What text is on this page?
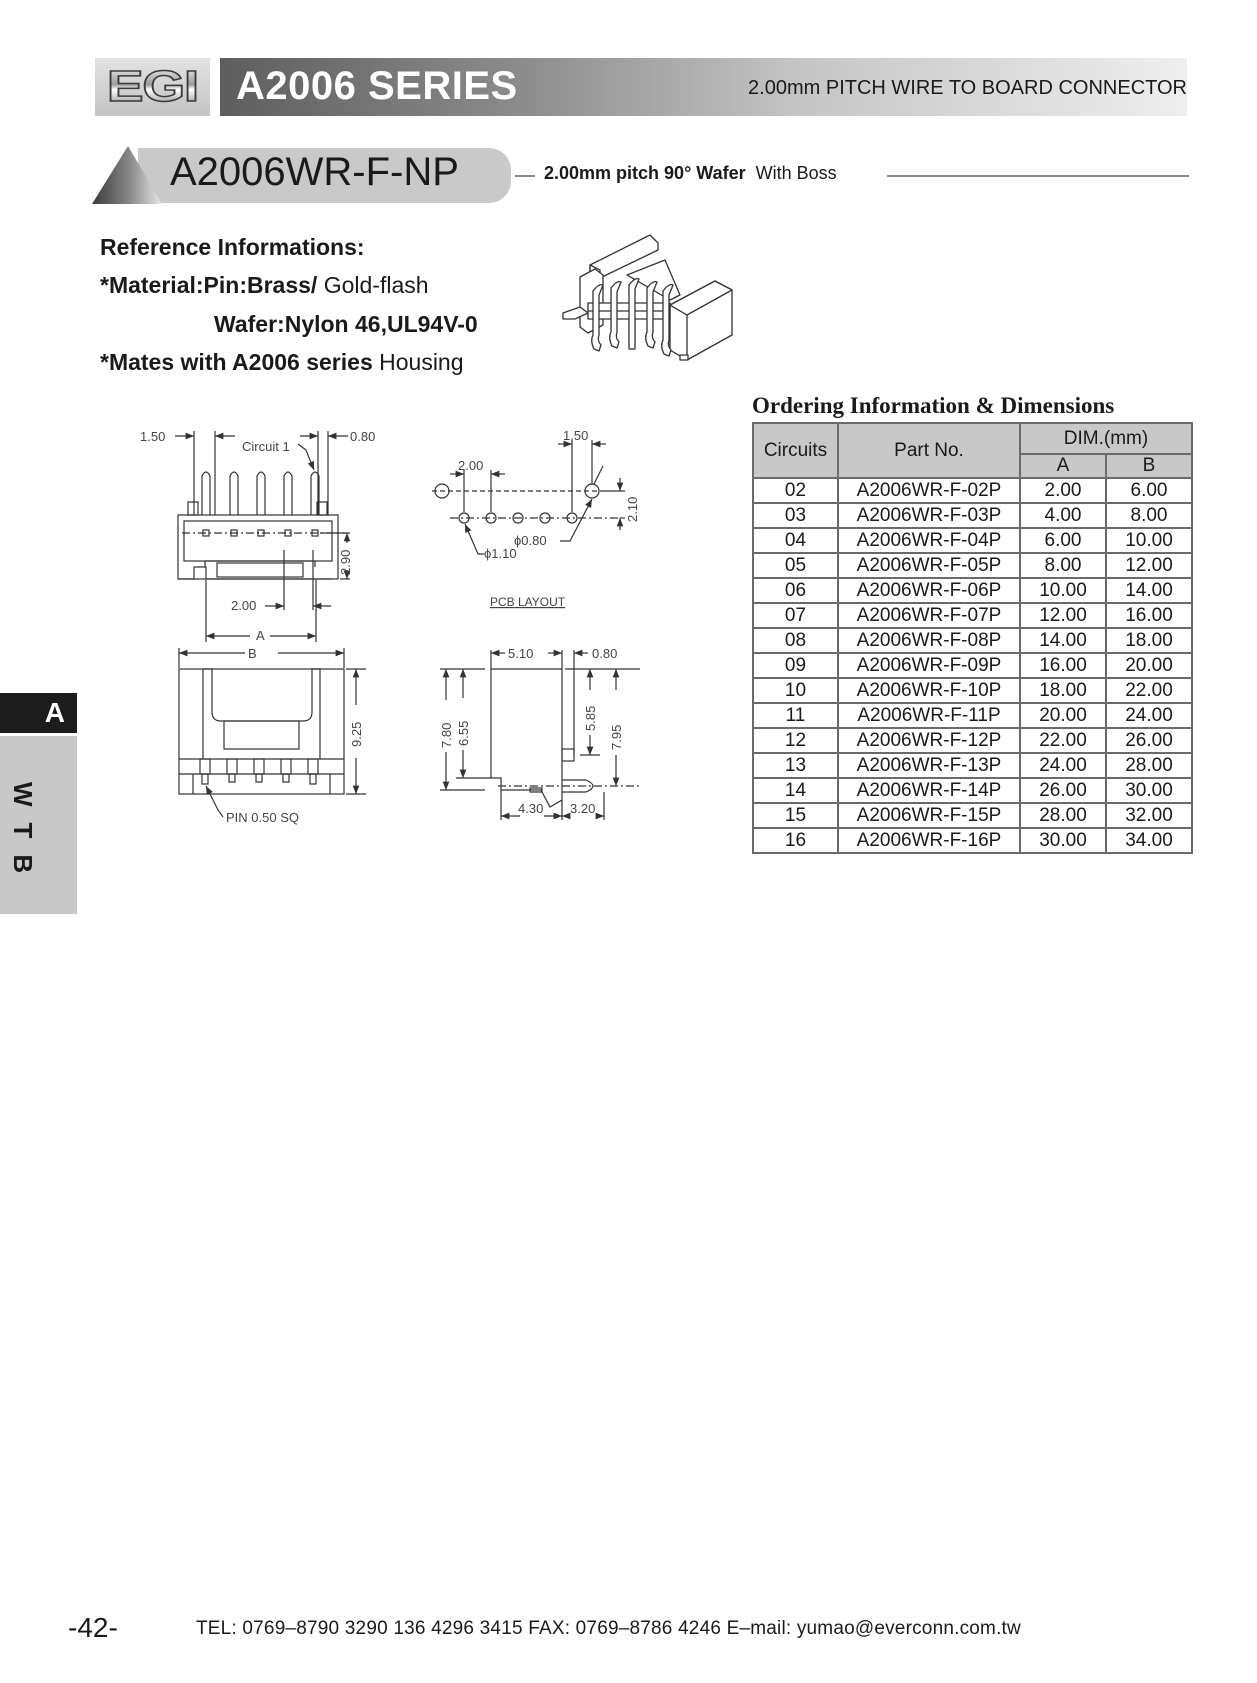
EGI A2006 SERIES	2.00mm PITCH WIRE TO BOARD CONNECTOR
A2006WR-F-NP	2.00mm pitch 90° Wafer With Boss
Reference Informations:
*Material:Pin:Brass/ Gold-flash
Wafer:Nylon 46,UL94V-0
*Mates with A2006 series Housing
1.50	0.80
Circuit 1
2.00
A
2.90
2.00
1.50
2.10
ϕ1.10
ϕ0.80
PCB LAYOUT
B
9.25
PIN 0.50 SQ
5.10	0.80
7.80 6.55
5.85
7.95
4.30 3.20
Ordering Information & Dimensions
Circuits	Part No.	DIM.(mm)	
		A	B
02	A2006WR-F-02P	2.00	6.00
03	A2006WR-F-03P	4.00	8.00
04	A2006WR-F-04P	6.00	10.00
05	A2006WR-F-05P	8.00	12.00
06	A2006WR-F-06P	10.00	14.00
07	A2006WR-F-07P	12.00	16.00
08	A2006WR-F-08P	14.00	18.00
09	A2006WR-F-09P	16.00	20.00
10	A2006WR-F-10P	18.00	22.00
11	A2006WR-F-11P	20.00	24.00
12	A2006WR-F-12P	22.00	26.00
13	A2006WR-F-13P	24.00	28.00
14	A2006WR-F-14P	26.00	30.00
15	A2006WR-F-15P	28.00	32.00
16	A2006WR-F-16P	30.00	34.00
A
WTB
-42-	TEL: 0769–8790 3290 136 4296 3415 FAX: 0769–8786 4246 E–mail: yumao@everconn.com.tw
